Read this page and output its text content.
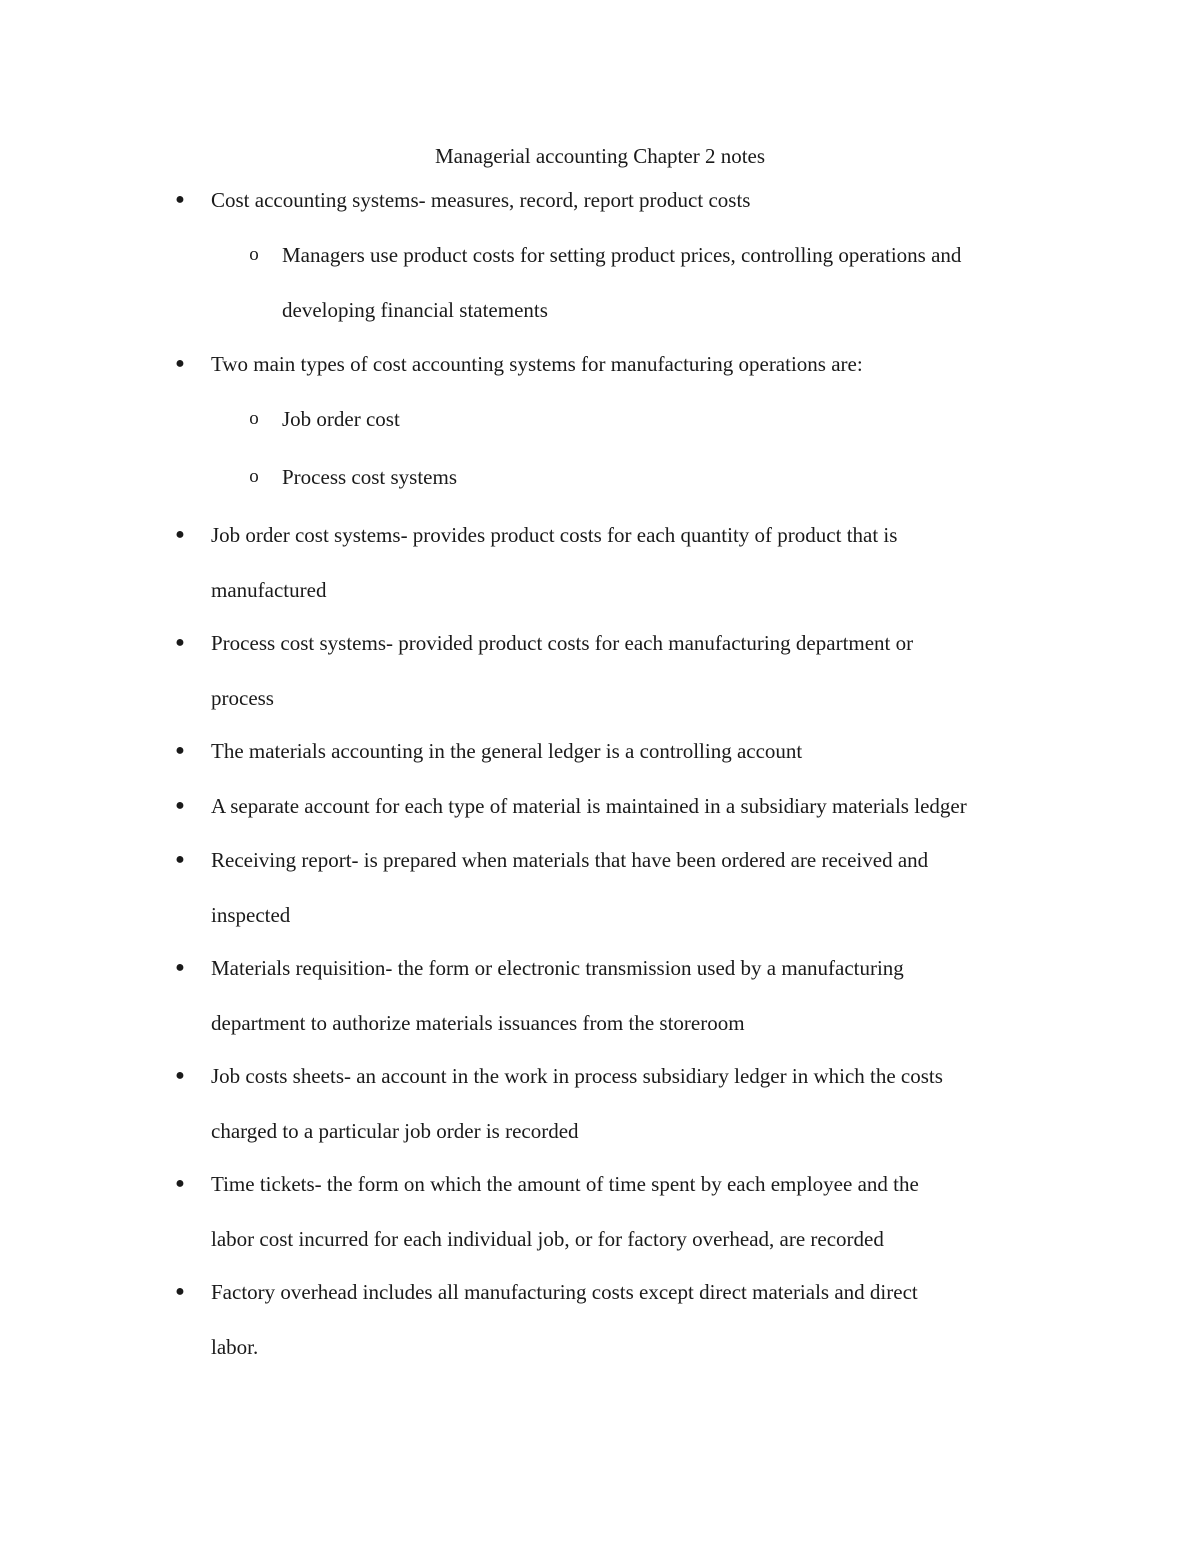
Managerial accounting Chapter 2 notes
● Cost accounting systems- measures, record, report product costs
o Managers use product costs for setting product prices, controlling operations and
developing financial statements
● Two main types of cost accounting systems for manufacturing operations are:
o Job order cost
o Process cost systems
● Job order cost systems- provides product costs for each quantity of product that is
manufactured
● Process cost systems- provided product costs for each manufacturing department or
process
● The materials accounting in the general ledger is a controlling account
● A separate account for each type of material is maintained in a subsidiary materials ledger
● Receiving report- is prepared when materials that have been ordered are received and
inspected
● Materials requisition- the form or electronic transmission used by a manufacturing
department to authorize materials issuances from the storeroom
● Job costs sheets- an account in the work in process subsidiary ledger in which the costs
charged to a particular job order is recorded
● Time tickets- the form on which the amount of time spent by each employee and the
labor cost incurred for each individual job, or for factory overhead, are recorded
● Factory overhead includes all manufacturing costs except direct materials and direct
labor.
